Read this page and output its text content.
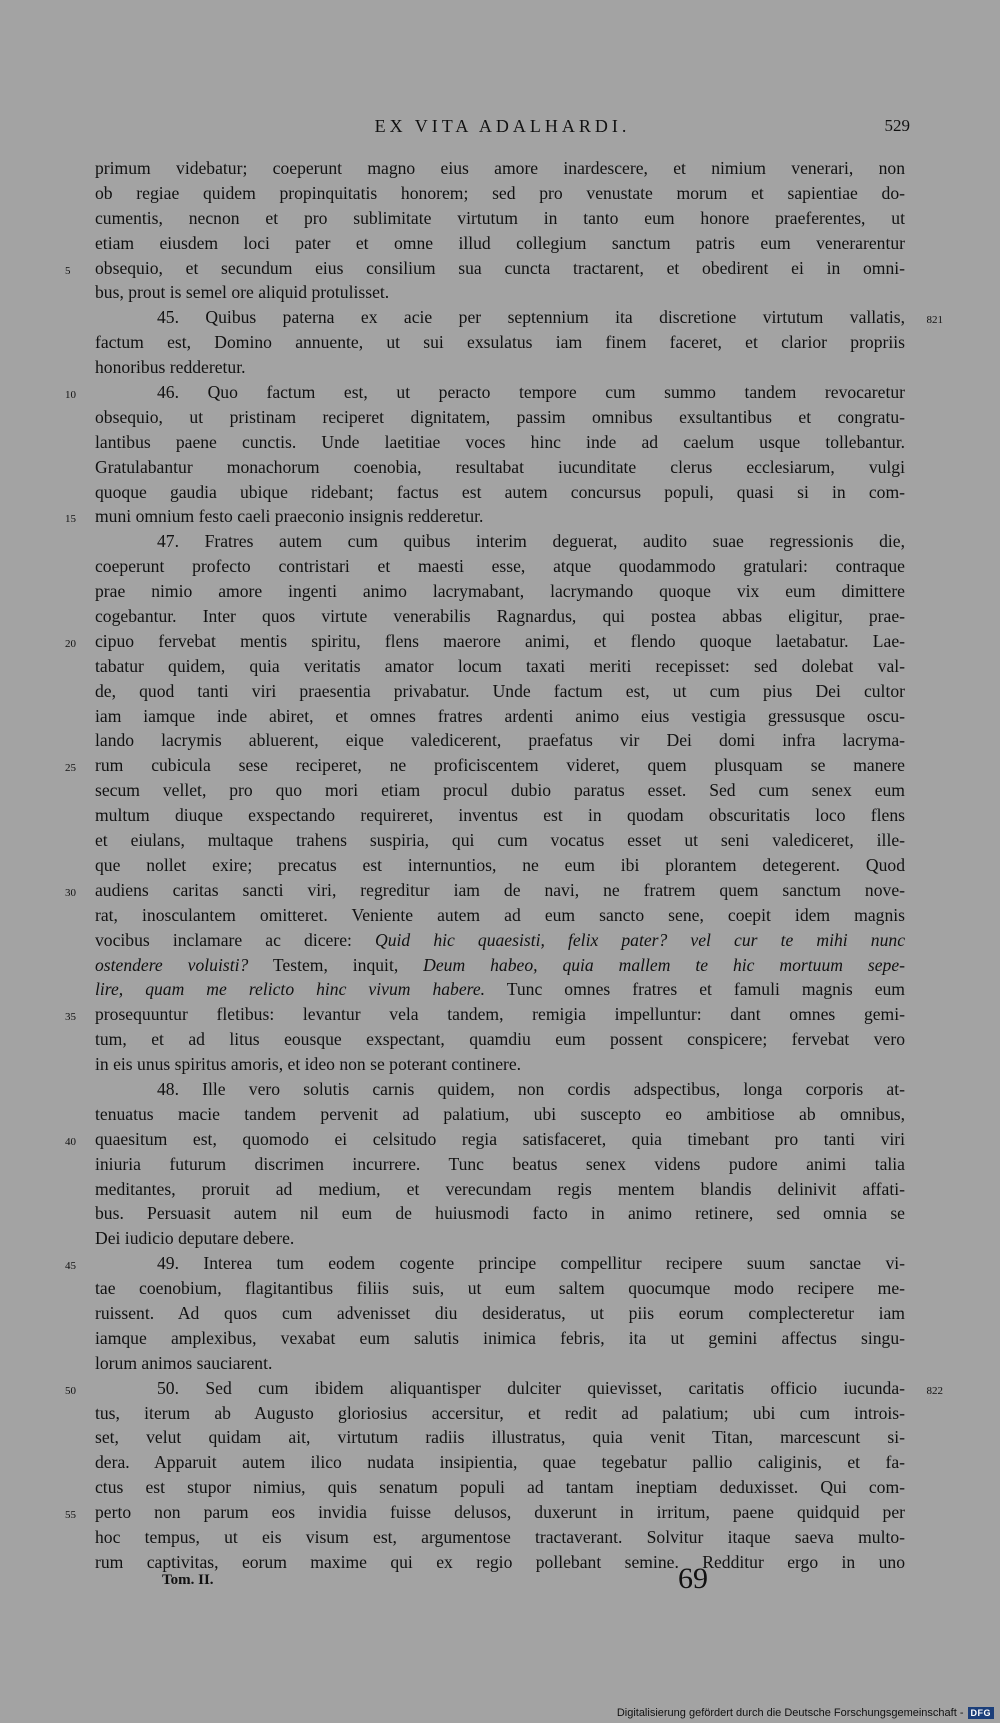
EX VITA ADALHARDI.	529
primum videbatur; coeperunt magno eius amore inardescere, et nimium venerari, non
ob regiae quidem propinquitatis honorem; sed pro venustate morum et sapientiae do-
cumentis, necnon et pro sublimitate virtutum in tanto eum honore praeferentes, ut
etiam eiusdem loci pater et omne illud collegium sanctum patris eum venerarentur
obsequio, et secundum eius consilium sua cuncta tractarent, et obedirent ei in omni-
5
bus, prout is semel ore aliquid protulisset.
45. Quibus paterna ex acie per septennium ita discretione virtutum vallatis, 821
factum est, Domino annuente, ut sui exsulatus iam finem faceret, et clarior propriis
honoribus redderetur.
46. Quo factum est, ut peracto tempore cum summo tandem revocaretur
10
obsequio, ut pristinam reciperet dignitatem, passim omnibus exsultantibus et congratu-
lantibus paene cunctis. Unde laetitiae voces hinc inde ad caelum usque tollebantur.
Gratulabantur monachorum coenobia, resultabat iucunditate clerus ecclesiarum, vulgi
quoque gaudia ubique ridebant; factus est autem concursus populi, quasi si in com-
muni omnium festo caeli praeconio insignis redderetur.
15
47. Fratres autem cum quibus interim deguerat, audito suae regressionis die,
coeperunt profecto contristari et maesti esse, atque quodammodo gratulari: contraque
prae nimio amore ingenti animo lacrymabant, lacrymando quoque vix eum dimittere
cogebantur. Inter quos virtute venerabilis Ragnardus, qui postea abbas eligitur, prae-
cipuo fervebat mentis spiritu, flens maerore animi, et flendo quoque laetabatur. Lae-
20
tabatur quidem, quia veritatis amator locum taxati meriti recepisset: sed dolebat val-
de, quod tanti viri praesentia privabatur. Unde factum est, ut cum pius Dei cultor
iam iamque inde abiret, et omnes fratres ardenti animo eius vestigia gressusque oscu-
lando lacrymis abluerent, eique valedicerent, praefatus vir Dei domi infra lacryma-
rum cubicula sese reciperet, ne proficiscentem videret, quem plusquam se manere
25
secum vellet, pro quo mori etiam procul dubio paratus esset. Sed cum senex eum
multum diuque exspectando requireret, inventus est in quodam obscuritatis loco flens
et eiulans, multaque trahens suspiria, qui cum vocatus esset ut seni valediceret, ille-
que nollet exire; precatus est internuntios, ne eum ibi plorantem detegerent. Quod
audiens caritas sancti viri, regreditur iam de navi, ne fratrem quem sanctum nove-
30
rat, inosculantem omitteret. Veniente autem ad eum sancto sene, coepit idem magnis
vocibus inclamare ac dicere: Quid hic quaesisti, felix pater? vel cur te mihi nunc
ostendere voluisti? Testem, inquit, Deum habeo, quia mallem te hic mortuum sepe-
lire, quam me relicto hinc vivum habere. Tunc omnes fratres et famuli magnis eum
prosequuntur fletibus: levantur vela tandem, remigia impelluntur: dant omnes gemi-
35
tum, et ad litus eousque exspectant, quamdiu eum possent conspicere; fervebat vero
in eis unus spiritus amoris, et ideo non se poterant continere.
48. Ille vero solutis carnis quidem, non cordis adspectibus, longa corporis at-
tenuatus macie tandem pervenit ad palatium, ubi suscepto eo ambitiose ab omnibus,
quaesitum est, quomodo ei celsitudo regia satisfaceret, quia timebant pro tanti viri
40
iniuria futurum discrimen incurrere. Tunc beatus senex videns pudore animi talia
meditantes, proruit ad medium, et verecundam regis mentem blandis delinivit affati-
bus. Persuasit autem nil eum de huiusmodi facto in animo retinere, sed omnia se
Dei iudicio deputare debere.
49. Interea tum eodem cogente principe compellitur recipere suum sanctae vi-
45
tae coenobium, flagitantibus filiis suis, ut eum saltem quocumque modo recipere me-
ruissent. Ad quos cum advenisset diu desideratus, ut piis eorum complecteretur iam
iamque amplexibus, vexabat eum salutis inimica febris, ita ut gemini affectus singu-
lorum animos sauciarent.
50. Sed cum ibidem aliquantisper dulciter quievisset, caritatis officio iucunda-
50	822
tus, iterum ab Augusto gloriosius accersitur, et redit ad palatium; ubi cum introis-
set, velut quidam ait, virtutum radiis illustratus, quia venit Titan, marcescunt si-
dera. Apparuit autem ilico nudata insipientia, quae tegebatur pallio caliginis, et fa-
ctus est stupor nimius, quis senatum populi ad tantam ineptiam deduxisset. Qui com-
perto non parum eos invidia fuisse delusos, duxerunt in irritum, paene quidquid per
55
hoc tempus, ut eis visum est, argumentose tractaverant. Solvitur itaque saeva multo-
rum captivitas, eorum maxime qui ex regio pollebant semine. Redditur ergo in uno
Tom. II.	69
Digitalisierung gefördert durch die Deutsche Forschungsgemeinschaft - DFG
